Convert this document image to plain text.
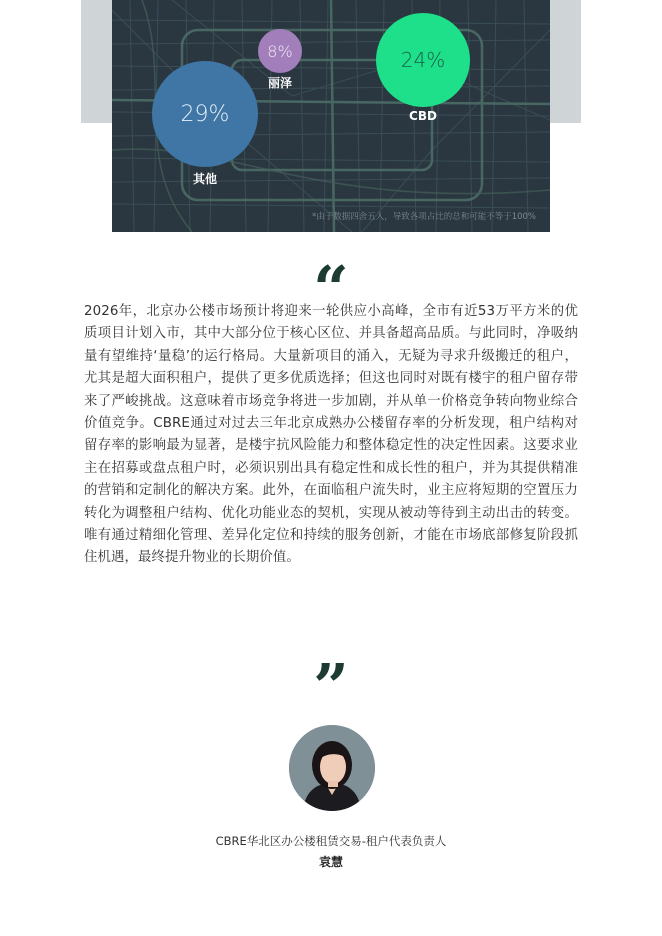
24%
CBD
29%
其他
8%
丽泽
*由于数据四舍五入，导致各项占比的总和可能不等于100%
“
2026年，北京办公楼市场预计将迎来一轮供应小高峰，全市有近53万平方米的优质项目计划入市，其中大部分位于核心区位、并具备超高品质。与此同时，净吸纳量有望维持‘量稳’的运行格局。大量新项目的涌入，无疑为寻求升级搬迁的租户，尤其是超大面积租户，提供了更多优质选择；但这也同时对既有楼宇的租户留存带来了严峻挑战。这意味着市场竞争将进一步加剧，并从单一价格竞争转向物业综合价值竞争。CBRE通过对过去三年北京成熟办公楼留存率的分析发现，租户结构对留存率的影响最为显著，是楼宇抗风险能力和整体稳定性的决定性因素。这要求业主在招募或盘点租户时，必须识别出具有稳定性和成长性的租户，并为其提供精准的营销和定制化的解决方案。此外，在面临租户流失时，业主应将短期的空置压力转化为调整租户结构、优化功能业态的契机，实现从被动等待到主动出击的转变。唯有通过精细化管理、差异化定位和持续的服务创新，才能在市场底部修复阶段抓住机遇，最终提升物业的长期价值。
”
CBRE华北区办公楼租赁交易-租户代表负责人
袁慧
